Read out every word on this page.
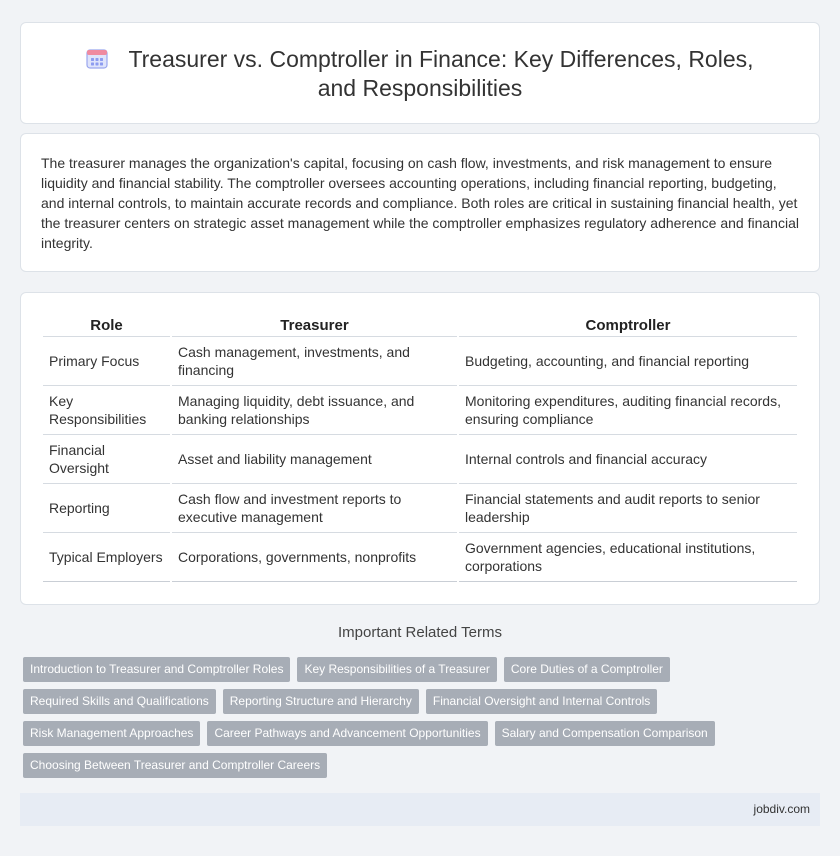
Treasurer vs. Comptroller in Finance: Key Differences, Roles, and Responsibilities

The treasurer manages the organization's capital, focusing on cash flow, investments, and risk management to ensure liquidity and financial stability. The comptroller oversees accounting operations, including financial reporting, budgeting, and internal controls, to maintain accurate records and compliance. Both roles are critical in sustaining financial health, yet the treasurer centers on strategic asset management while the comptroller emphasizes regulatory adherence and financial integrity.

Role	Treasurer	Comptroller
Primary Focus	Cash management, investments, and financing	Budgeting, accounting, and financial reporting
Key Responsibilities	Managing liquidity, debt issuance, and banking relationships	Monitoring expenditures, auditing financial records, ensuring compliance
Financial Oversight	Asset and liability management	Internal controls and financial accuracy
Reporting	Cash flow and investment reports to executive management	Financial statements and audit reports to senior leadership
Typical Employers	Corporations, governments, nonprofits	Government agencies, educational institutions, corporations
Important Related Terms
Introduction to Treasurer and Comptroller Roles	Key Responsibilities of a Treasurer	Core Duties of a Comptroller
Required Skills and Qualifications	Reporting Structure and Hierarchy	Financial Oversight and Internal Controls
Risk Management Approaches	Career Pathways and Advancement Opportunities	Salary and Compensation Comparison
Choosing Between Treasurer and Comptroller Careers
jobdiv.com
